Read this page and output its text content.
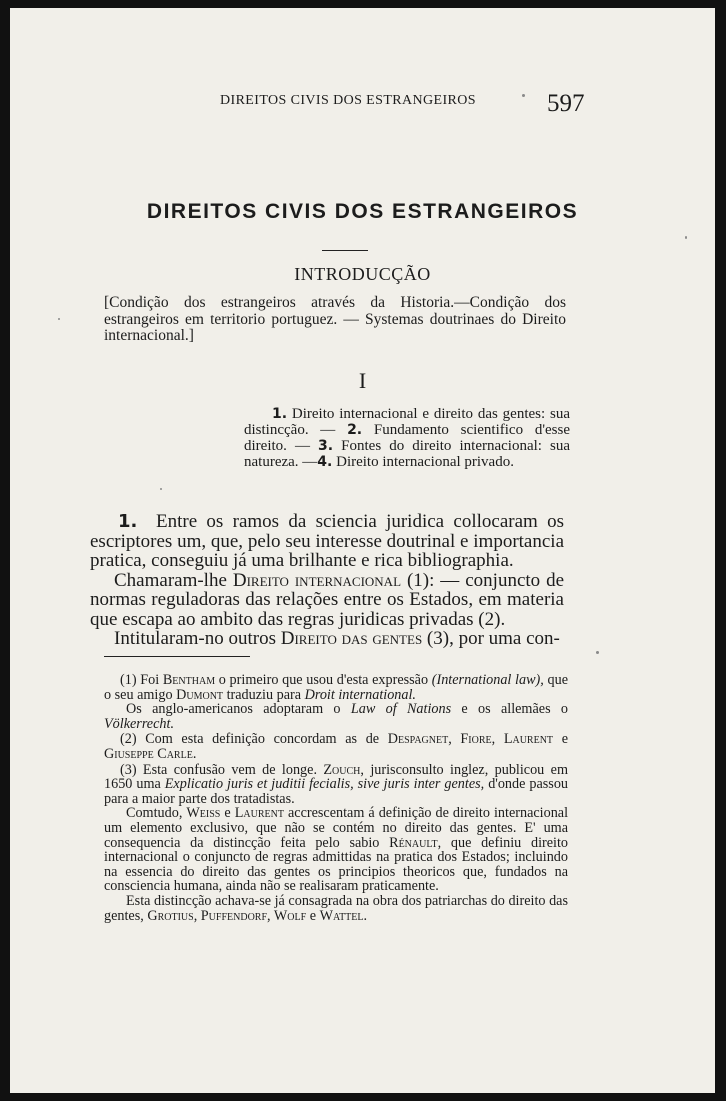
DIREITOS CIVIS DOS ESTRANGEIROS	597
DIREITOS CIVIS DOS ESTRANGEIROS
INTRODUCÇÃO

[Condição dos estrangeiros através da Historia.—Condição dos estrangeiros em territorio portuguez. — Systemas doutrinaes do Direito internacional.]

I

1. Direito internacional e direito das gentes: sua distincção. — 2. Fundamento scientifico d'esse direito. — 3. Fontes do direito internacional: sua natureza. —4. Direito internacional privado.

1. Entre os ramos da sciencia juridica collocaram os escriptores um, que, pelo seu interesse doutrinal e importancia pratica, conseguiu já uma brilhante e rica bibliographia.

Chamaram-lhe Direito internacional (1): — conjuncto de normas reguladoras das relações entre os Estados, em materia que escapa ao ambito das regras juridicas privadas (2).

Intitularam-no outros Direito das gentes (3), por uma con-

(1) Foi Bentham o primeiro que usou d'esta expressão (International law), que o seu amigo Dumont traduziu para Droit international.

Os anglo-americanos adoptaram o Law of Nations e os allemães o Völkerrecht.

(2) Com esta definição concordam as de Despagnet, Fiore, Laurent e Giuseppe Carle.

(3) Esta confusão vem de longe. Zouch, jurisconsulto inglez, publicou em 1650 uma Explicatio juris et juditii fecialis, sive juris inter gentes, d'onde passou para a maior parte dos tratadistas.

Comtudo, Weiss e Laurent accrescentam á definição de direito internacional um elemento exclusivo, que não se contém no direito das gentes. E' uma consequencia da distincção feita pelo sabio Rénault, que definiu direito internacional o conjuncto de regras admittidas na pratica dos Estados; incluindo na essencia do direito das gentes os principios theoricos que, fundados na consciencia humana, ainda não se realisaram praticamente.

Esta distincção achava-se já consagrada na obra dos patriarchas do direito das gentes, Grotius, Puffendorf, Wolf e Wattel.
